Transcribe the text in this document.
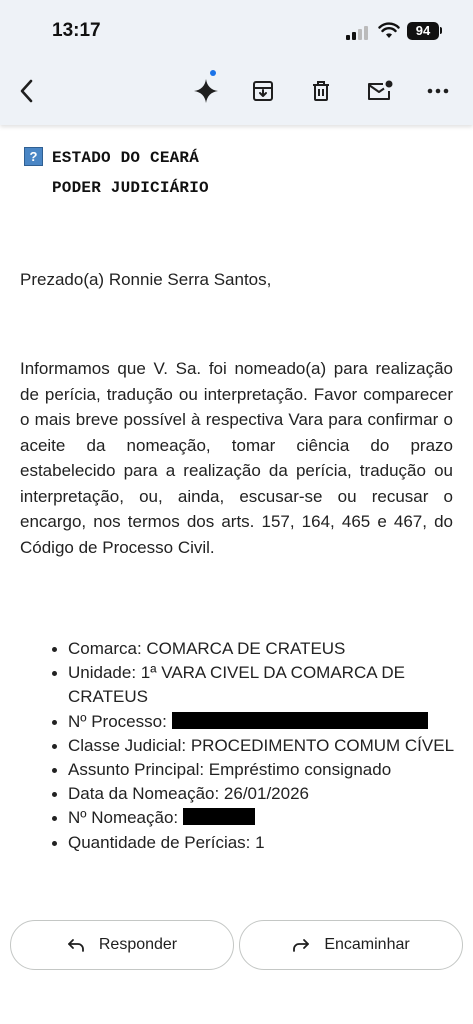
13:17	94
? ESTADO DO CEARÁ
PODER JUDICIÁRIO
Prezado(a) Ronnie Serra Santos,
Informamos que V. Sa. foi nomeado(a) para realização de perícia, tradução ou interpretação. Favor comparecer o mais breve possível à respectiva Vara para confirmar o aceite da nomeação, tomar ciência do prazo estabelecido para a realização da perícia, tradução ou interpretação, ou, ainda, escusar-se ou recusar o encargo, nos termos dos arts. 157, 164, 465 e 467, do Código de Processo Civil.
Comarca: COMARCA DE CRATEUS
Unidade: 1ª VARA CIVEL DA COMARCA DE CRATEUS
Nº Processo:
Classe Judicial: PROCEDIMENTO COMUM CÍVEL
Assunto Principal: Empréstimo consignado
Data da Nomeação: 26/01/2026
Nº Nomeação:
Quantidade de Perícias: 1
Responder	Encaminhar
